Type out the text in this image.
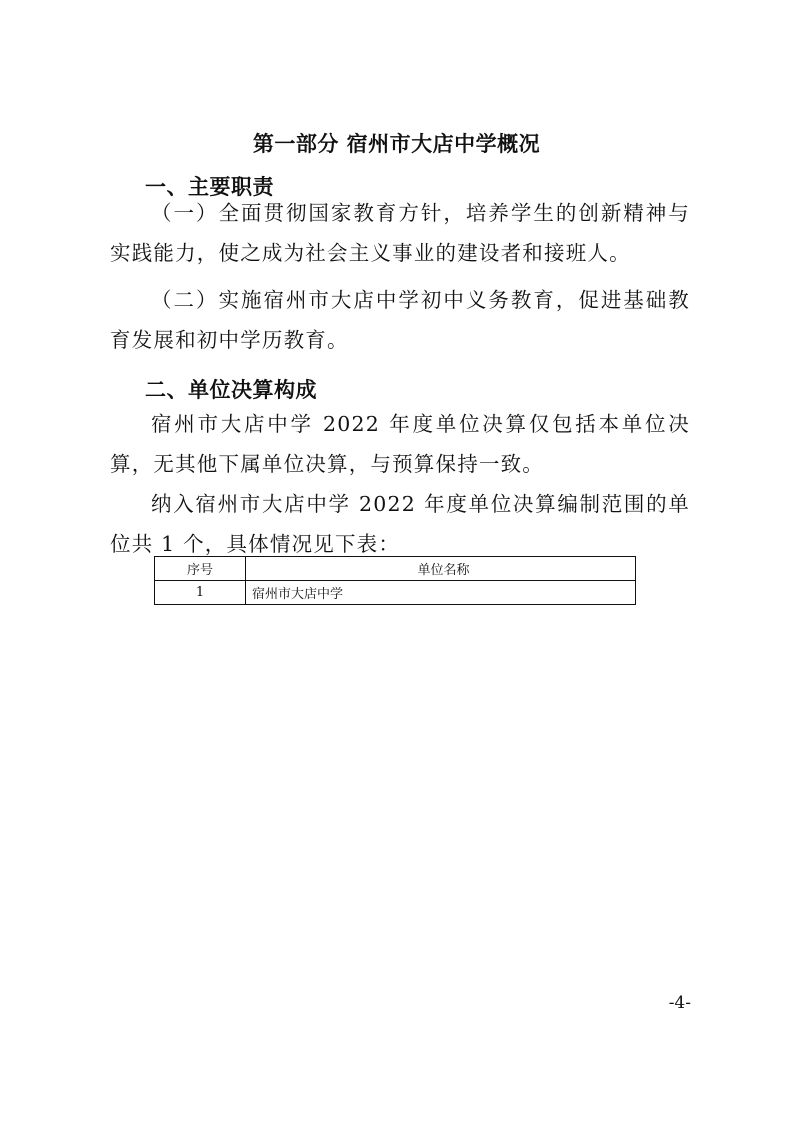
第一部分 宿州市大店中学概况
一、主要职责

（一）全面贯彻国家教育方针，培养学生的创新精神与实践能力，使之成为社会主义事业的建设者和接班人。

（二）实施宿州市大店中学初中义务教育，促进基础教育发展和初中学历教育。

二、单位决算构成

宿州市大店中学 2022 年度单位决算仅包括本单位决算，无其他下属单位决算，与预算保持一致。

纳入宿州市大店中学 2022 年度单位决算编制范围的单位共 1 个，具体情况见下表：

序号	单位名称
1	宿州市大店中学
-4-
